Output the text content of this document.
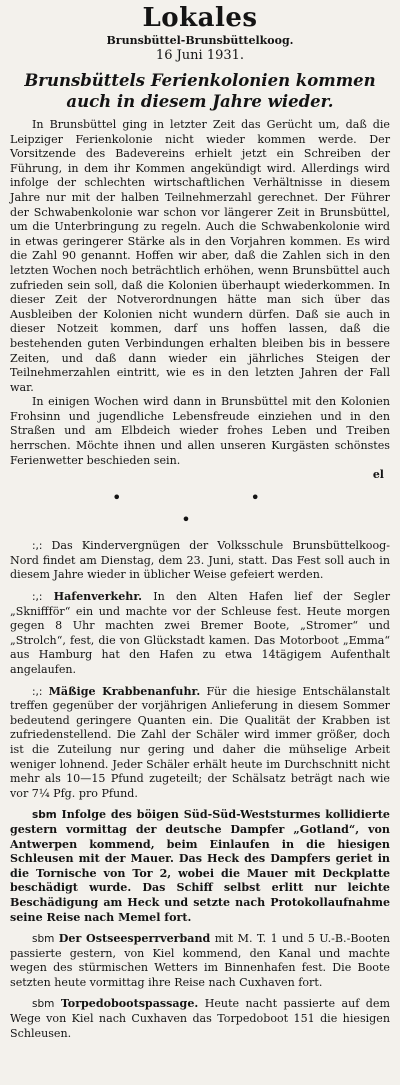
Lokales
Brunsbüttel-Brunsbüttelkoog.
16 Juni 1931.
Brunsbüttels Ferienkolonien kommen auch in diesem Jahre wieder.

In Brunsbüttel ging in letzter Zeit das Gerücht um, daß die Leipziger Ferienkolonie nicht wieder kommen werde. Der Vorsitzende des Badevereins erhielt jetzt ein Schreiben der Führung, in dem ihr Kommen angekündigt wird. Allerdings wird infolge der schlechten wirtschaftlichen Verhältnisse in diesem Jahre nur mit der halben Teilnehmerzahl gerechnet. Der Führer der Schwabenkolonie war schon vor längerer Zeit in Brunsbüttel, um die Unterbringung zu regeln. Auch die Schwabenkolonie wird in etwas geringerer Stärke als in den Vorjahren kommen. Es wird die Zahl 90 genannt. Hoffen wir aber, daß die Zahlen sich in den letzten Wochen noch beträchtlich erhöhen, wenn Brunsbüttel auch zufrieden sein soll, daß die Kolonien überhaupt wiederkommen. In dieser Zeit der Notverordnungen hätte man sich über das Ausbleiben der Kolonien nicht wundern dürfen. Daß sie auch in dieser Notzeit kommen, darf uns hoffen lassen, daß die bestehenden guten Verbindungen erhalten bleiben bis in bessere Zeiten, und daß dann wieder ein jährliches Steigen der Teilnehmerzahlen eintritt, wie es in den letzten Jahren der Fall war.

In einigen Wochen wird dann in Brunsbüttel mit den Kolonien Frohsinn und jugendliche Lebensfreude einziehen und in den Straßen und am Elbdeich wieder frohes Leben und Treiben herrschen. Möchte ihnen und allen unseren Kurgästen schönstes Ferienwetter beschieden sein.

el
• • •

:,: Das Kindervergnügen der Volksschule Brunsbüttelkoog-Nord findet am Dienstag, dem 23. Juni, statt. Das Fest soll auch in diesem Jahre wieder in üblicher Weise gefeiert werden.

:,: Hafenverkehr. In den Alten Hafen lief der Segler „Skniffför“ ein und machte vor der Schleuse fest. Heute morgen gegen 8 Uhr machten zwei Bremer Boote, „Stromer“ und „Strolch“, fest, die von Glückstadt kamen. Das Motorboot „Emma“ aus Hamburg hat den Hafen zu etwa 14tägigem Aufenthalt angelaufen.

:,: Mäßige Krabbenanfuhr. Für die hiesige Entschälanstalt treffen gegenüber der vorjährigen Anlieferung in diesem Sommer bedeutend geringere Quanten ein. Die Qualität der Krabben ist zufriedenstellend. Die Zahl der Schäler wird immer größer, doch ist die Zuteilung nur gering und daher die mühselige Arbeit weniger lohnend. Jeder Schäler erhält heute im Durchschnitt nicht mehr als 10—15 Pfund zugeteilt; der Schälsatz beträgt nach wie vor 7¼ Pfg. pro Pfund.

sbm Infolge des böigen Süd-Süd-Weststurmes kollidierte gestern vormittag der deutsche Dampfer „Gotland“, von Antwerpen kommend, beim Einlaufen in die hiesigen Schleusen mit der Mauer. Das Heck des Dampfers geriet in die Tornische von Tor 2, wobei die Mauer mit Deckplatte beschädigt wurde. Das Schiff selbst erlitt nur leichte Beschädigung am Heck und setzte nach Protokollaufnahme seine Reise nach Memel fort.

sbm Der Ostseesperrverband mit M. T. 1 und 5 U.-B.-Booten passierte gestern, von Kiel kommend, den Kanal und machte wegen des stürmischen Wetters im Binnenhafen fest. Die Boote setzten heute vormittag ihre Reise nach Cuxhaven fort.

sbm Torpedobootspassage. Heute nacht passierte auf dem Wege von Kiel nach Cuxhaven das Torpedoboot 151 die hiesigen Schleusen.
